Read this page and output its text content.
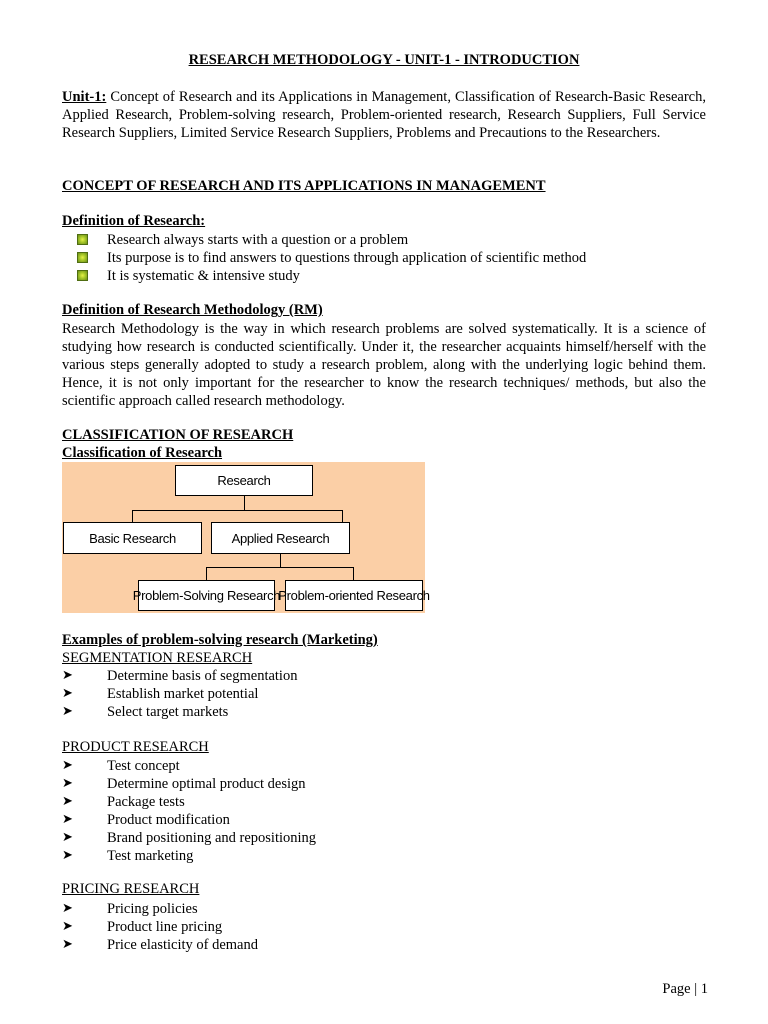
RESEARCH METHODOLOGY - UNIT-1 - INTRODUCTION
Unit-1: Concept of Research and its Applications in Management, Classification of Research-Basic Research, Applied Research, Problem-solving research, Problem-oriented research, Research Suppliers, Full Service Research Suppliers, Limited Service Research Suppliers, Problems and Precautions to the Researchers.
CONCEPT OF RESEARCH AND ITS APPLICATIONS IN MANAGEMENT
Definition of Research:
Research always starts with a question or a problem
Its purpose is to find answers to questions through application of scientific method
It is systematic & intensive study
Definition of Research Methodology (RM)
Research Methodology is the way in which research problems are solved systematically. It is a science of studying how research is conducted scientifically. Under it, the researcher acquaints himself/herself with the various steps generally adopted to study a research problem, along with the underlying logic behind them. Hence, it is not only important for the researcher to know the research techniques/ methods, but also the scientific approach called research methodology.
CLASSIFICATION OF RESEARCH
Classification of Research
Research
Basic Research	Applied Research
Problem-Solving Research
Problem-oriented Research
Examples of problem-solving research (Marketing)
SEGMENTATION RESEARCH
➤	Determine basis of segmentation
➤	Establish market potential
➤	Select target markets
PRODUCT RESEARCH
➤	Test concept
➤	Determine optimal product design
➤	Package tests
➤	Product modification
➤	Brand positioning and repositioning
➤	Test marketing
PRICING RESEARCH
➤	Pricing policies
➤	Product line pricing
➤	Price elasticity of demand
Page | 1
